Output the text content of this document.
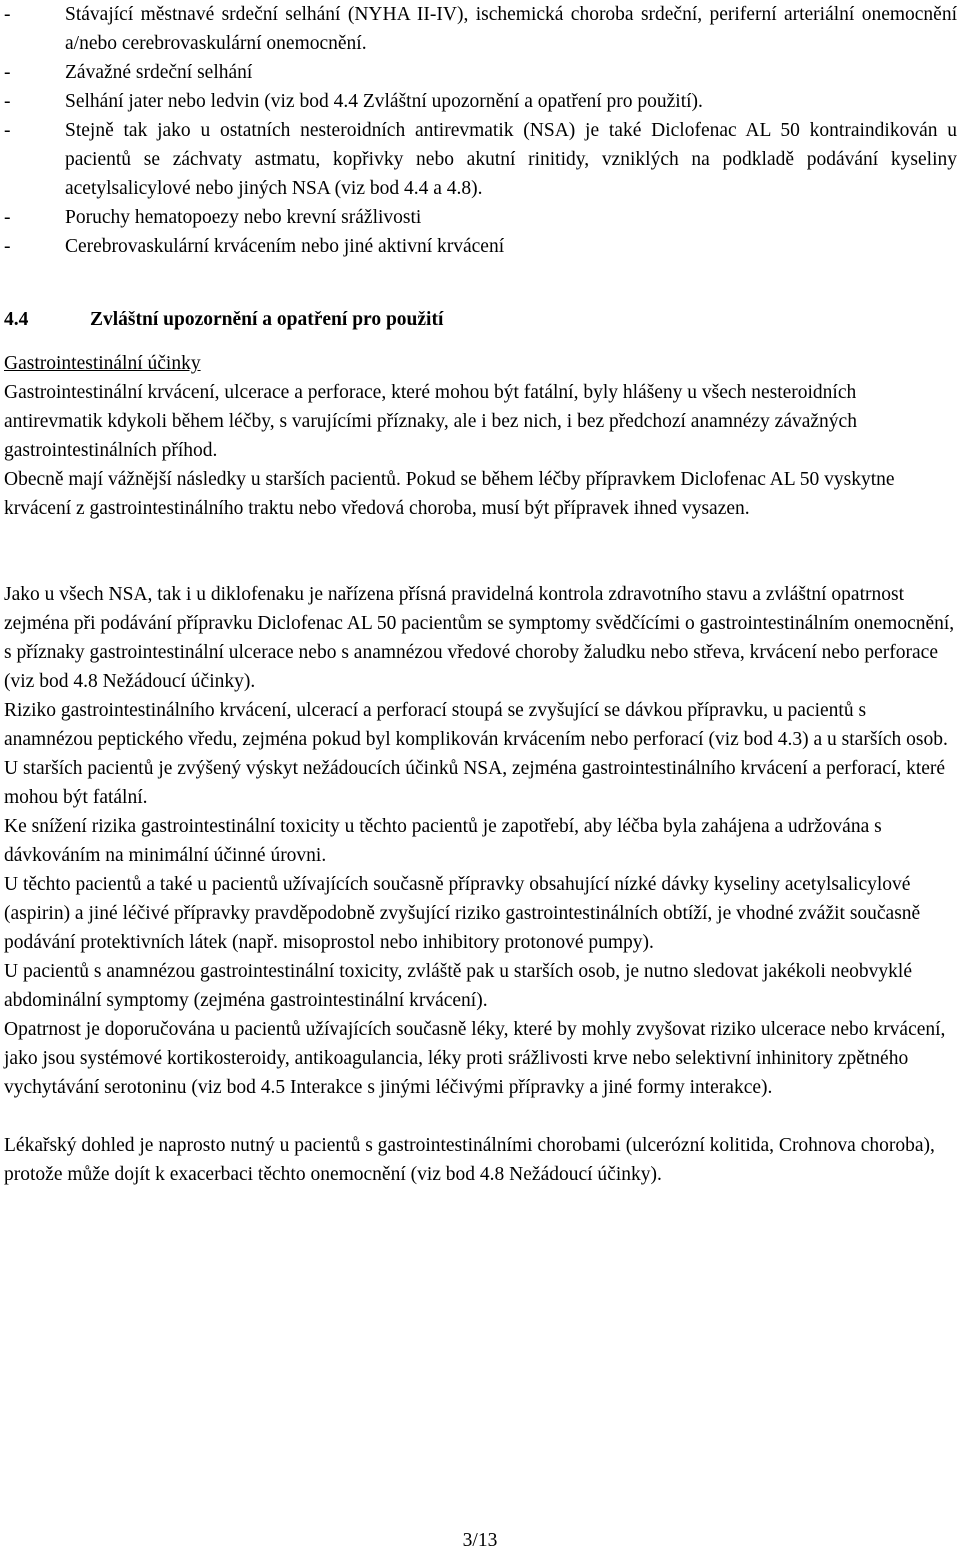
-	Stávající městnavé srdeční selhání (NYHA II-IV), ischemická choroba srdeční, periferní arteriální onemocnění a/nebo cerebrovaskulární onemocnění.
-	Závažné srdeční selhání
-	Selhání jater nebo ledvin (viz bod 4.4 Zvláštní upozornění a opatření pro použití).
-	Stejně tak jako u ostatních nesteroidních antirevmatik (NSA) je také Diclofenac AL 50 kontraindikován u pacientů se záchvaty astmatu, kopřivky nebo akutní rinitidy, vzniklých na podkladě podávání kyseliny acetylsalicylové nebo jiných NSA (viz bod 4.4 a 4.8).
-	Poruchy hematopoezy nebo krevní srážlivosti
-	Cerebrovaskulární krvácením nebo jiné aktivní krvácení
4.4	Zvláštní upozornění a opatření pro použití

Gastrointestinální účinky

Gastrointestinální krvácení, ulcerace a perforace, které mohou být fatální, byly hlášeny u všech nesteroidních antirevmatik kdykoli během léčby, s varujícími příznaky, ale i bez nich, i bez předchozí anamnézy závažných gastrointestinálních příhod.

Obecně mají vážnější následky u starších pacientů. Pokud se během léčby přípravkem Diclofenac AL 50 vyskytne krvácení z gastrointestinálního traktu nebo vředová choroba, musí být přípravek ihned vysazen.

Jako u všech NSA, tak i u diklofenaku je nařízena přísná pravidelná kontrola zdravotního stavu a zvláštní opatrnost zejména při podávání přípravku Diclofenac AL 50 pacientům se symptomy svědčícími o gastrointestinálním onemocnění, s příznaky gastrointestinální ulcerace nebo s anamnézou vředové choroby žaludku nebo střeva, krvácení nebo perforace (viz bod 4.8 Nežádoucí účinky).

Riziko gastrointestinálního krvácení, ulcerací a perforací stoupá se zvyšující se dávkou přípravku, u pacientů s anamnézou peptického vředu, zejména pokud byl komplikován krvácením nebo perforací (viz bod 4.3) a u starších osob.

U starších pacientů je zvýšený výskyt nežádoucích účinků NSA, zejména gastrointestinálního krvácení a perforací, které mohou být fatální.

Ke snížení rizika gastrointestinální toxicity u těchto pacientů je zapotřebí, aby léčba byla zahájena a udržována s dávkováním na minimální účinné úrovni.

U těchto pacientů a také u pacientů užívajících současně přípravky obsahující nízké dávky kyseliny acetylsalicylové (aspirin) a jiné léčivé přípravky pravděpodobně zvyšující riziko gastrointestinálních obtíží, je vhodné zvážit současně podávání protektivních látek (např. misoprostol nebo inhibitory protonové pumpy).

U pacientů s anamnézou gastrointestinální toxicity, zvláště pak u starších osob, je nutno sledovat jakékoli neobvyklé abdominální symptomy (zejména gastrointestinální krvácení).

Opatrnost je doporučována u pacientů užívajících současně léky, které by mohly zvyšovat riziko ulcerace nebo krvácení, jako jsou systémové kortikosteroidy, antikoagulancia, léky proti srážlivosti krve nebo selektivní inhinitory zpětného vychytávání serotoninu (viz bod 4.5 Interakce s jinými léčivými přípravky a jiné formy interakce).

Lékařský dohled je naprosto nutný u pacientů s gastrointestinálními chorobami (ulcerózní kolitida, Crohnova choroba), protože může dojít k exacerbaci těchto onemocnění (viz bod 4.8 Nežádoucí účinky).

3/13
